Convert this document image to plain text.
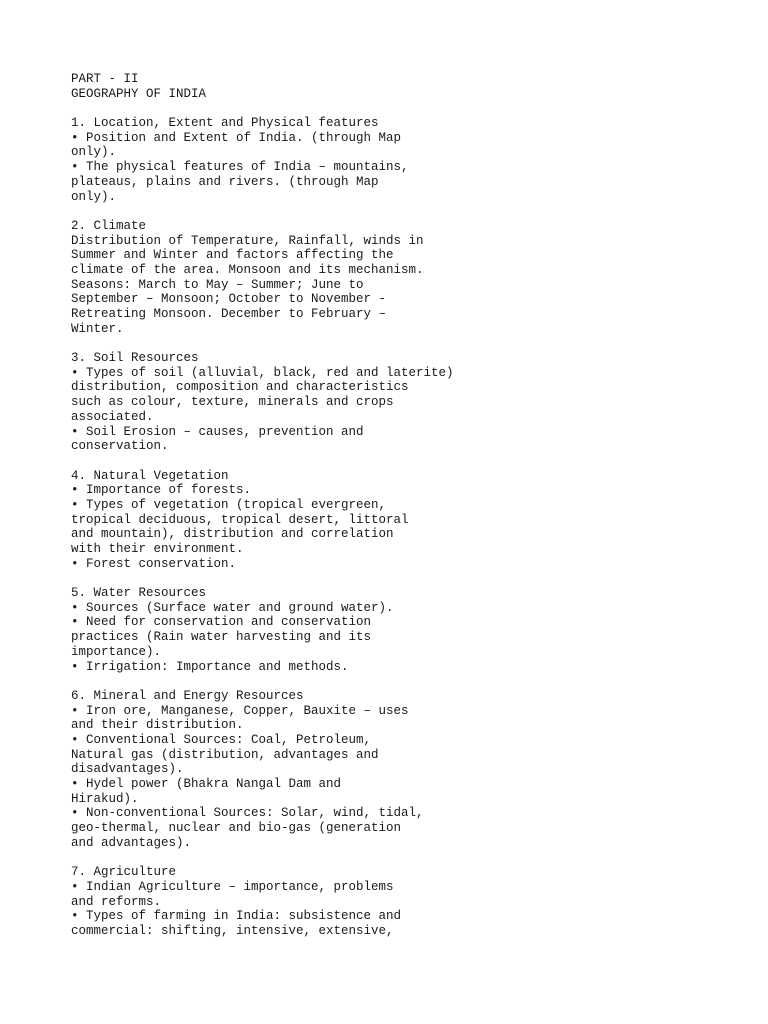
PART - II
GEOGRAPHY OF INDIA
1. Location, Extent and Physical features
• Position and Extent of India. (through Map
only).
• The physical features of India – mountains,
plateaus, plains and rivers. (through Map
only).
2. Climate
Distribution of Temperature, Rainfall, winds in
Summer and Winter and factors affecting the
climate of the area. Monsoon and its mechanism.
Seasons: March to May – Summer; June to
September – Monsoon; October to November -
Retreating Monsoon. December to February –
Winter.
3. Soil Resources
• Types of soil (alluvial, black, red and laterite)
distribution, composition and characteristics
such as colour, texture, minerals and crops
associated.
• Soil Erosion – causes, prevention and
conservation.
4. Natural Vegetation
• Importance of forests.
• Types of vegetation (tropical evergreen,
tropical deciduous, tropical desert, littoral
and mountain), distribution and correlation
with their environment.
• Forest conservation.
5. Water Resources
• Sources (Surface water and ground water).
• Need for conservation and conservation
practices (Rain water harvesting and its
importance).
• Irrigation: Importance and methods.
6. Mineral and Energy Resources
• Iron ore, Manganese, Copper, Bauxite – uses
and their distribution.
• Conventional Sources: Coal, Petroleum,
Natural gas (distribution, advantages and
disadvantages).
• Hydel power (Bhakra Nangal Dam and
Hirakud).
• Non-conventional Sources: Solar, wind, tidal,
geo-thermal, nuclear and bio-gas (generation
and advantages).
7. Agriculture
• Indian Agriculture – importance, problems
and reforms.
• Types of farming in India: subsistence and
commercial: shifting, intensive, extensive,
